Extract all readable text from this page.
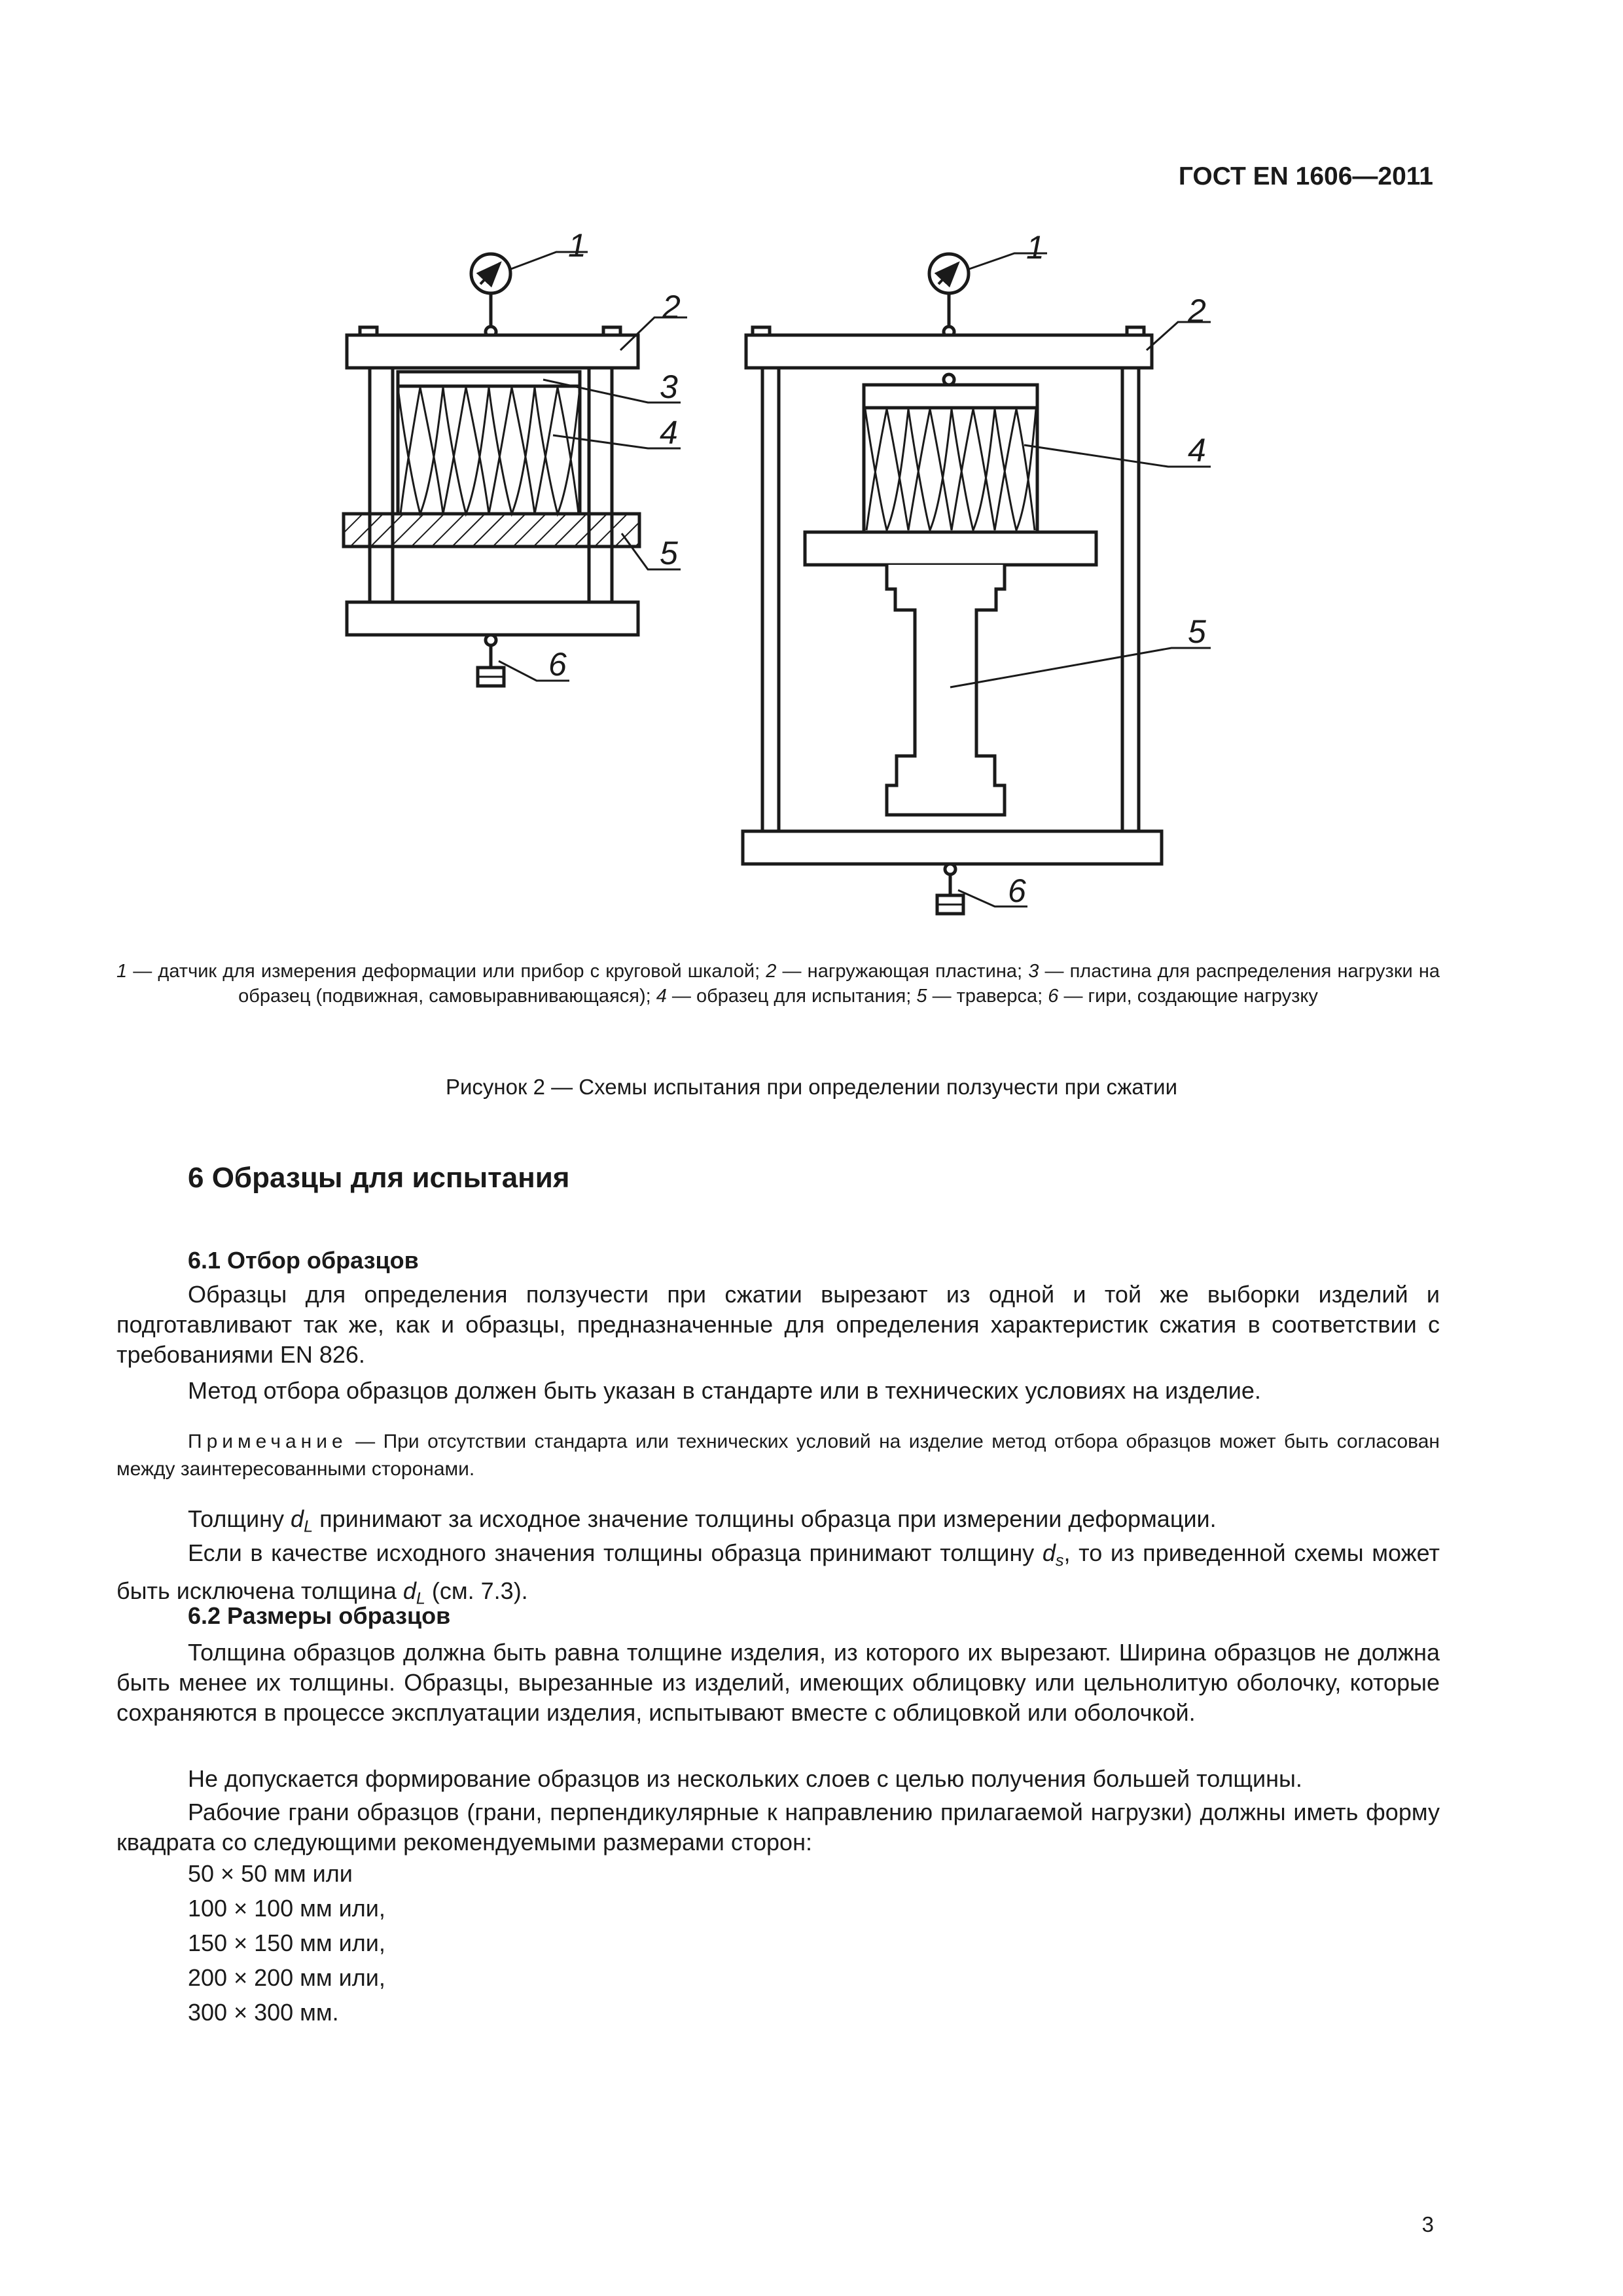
ГОСТ EN 1606—2011
1
2
3
4
5
6
1
2
4
5
6
1 — датчик для измерения деформации или прибор с круговой шкалой; 2 — нагружающая пластина; 3 — пластина для распределения нагрузки на образец (подвижная, самовыравнивающаяся); 4 — образец для испытания; 5 — траверса; 6 — гири, создающие нагрузку
Рисунок 2 — Схемы испытания при определении ползучести при сжатии
6 Образцы для испытания
6.1 Отбор образцов
Образцы для определения ползучести при сжатии вырезают из одной и той же выборки изделий и подготавливают так же, как и образцы, предназначенные для определения характеристик сжатия в соответствии с требованиями EN 826.
Метод отбора образцов должен быть указан в стандарте или в технических условиях на изделие.
Примечание — При отсутствии стандарта или технических условий на изделие метод отбора образцов может быть согласован между заинтересованными сторонами.
Толщину $d_L$ принимают за исходное значение толщины образца при измерении деформации.
Если в качестве исходного значения толщины образца принимают толщину $d_s$, то из приведенной схемы может быть исключена толщина $d_L$ (см. 7.3).
6.2 Размеры образцов
Толщина образцов должна быть равна толщине изделия, из которого их вырезают. Ширина образцов не должна быть менее их толщины. Образцы, вырезанные из изделий, имеющих облицовку или цельнолитую оболочку, которые сохраняются в процессе эксплуатации изделия, испытывают вместе с облицовкой или оболочкой.
Не допускается формирование образцов из нескольких слоев с целью получения большей толщины.
Рабочие грани образцов (грани, перпендикулярные к направлению прилагаемой нагрузки) должны иметь форму квадрата со следующими рекомендуемыми размерами сторон:
50 × 50 мм или
100 × 100 мм или,
150 × 150 мм или,
200 × 200 мм или,
300 × 300 мм.
3
